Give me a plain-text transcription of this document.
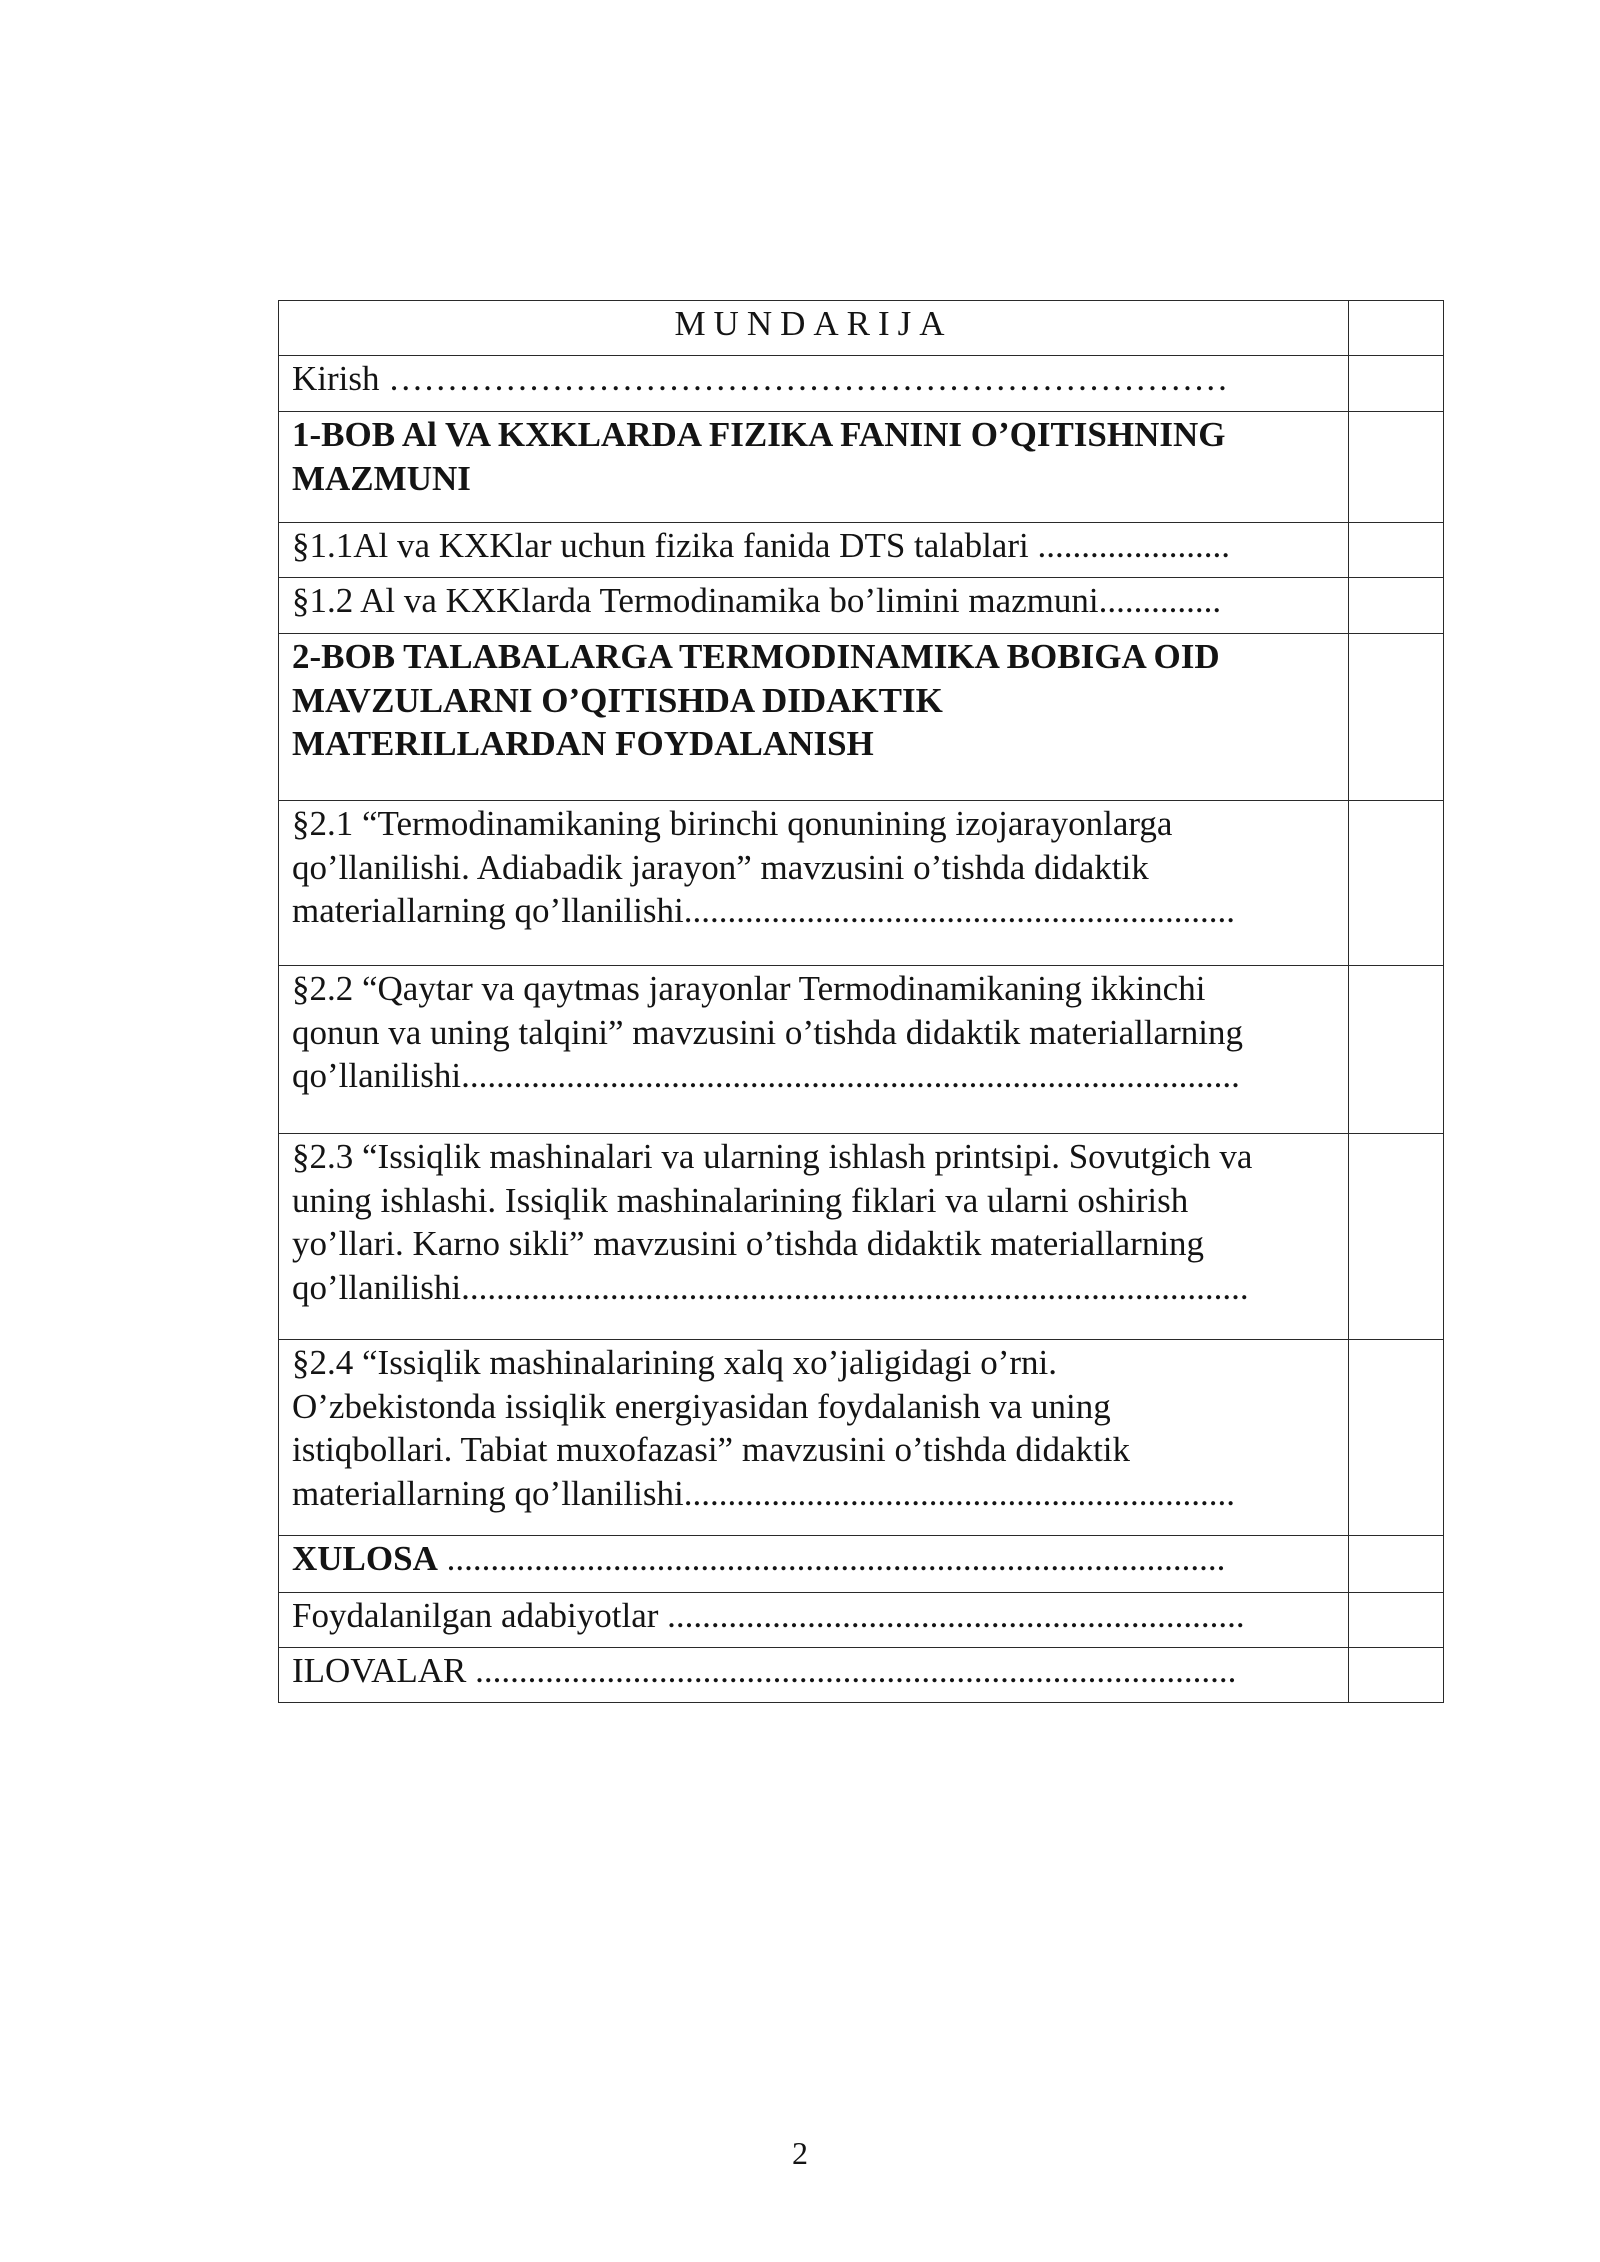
MUNDARIJA	

Kirish ………………………………………………………………	

1-BOB Al VA KXKLARDA FIZIKA FANINI O’QITISHNING
MAZMUNI	

§1.1Al va KXKlar uchun fizika fanida DTS talablari ......................	

§1.2 Al va KXKlarda Termodinamika bo’limini mazmuni..............	

2-BOB TALABALARGA TERMODINAMIKA BOBIGA OID
MAVZULARNI O’QITISHDA DIDAKTIK
MATERILLARDAN FOYDALANISH	

§2.1 “Termodinamikaning birinchi qonunining izojarayonlarga
qo’llanilishi. Adiabadik jarayon” mavzusini o’tishda didaktik
materiallarning qo’llanilishi...............................................................	

§2.2 “Qaytar va qaytmas jarayonlar Termodinamikaning ikkinchi
qonun va uning talqini” mavzusini o’tishda didaktik materiallarning
qo’llanilishi.........................................................................................	

§2.3 “Issiqlik mashinalari va ularning ishlash printsipi. Sovutgich va
uning ishlashi. Issiqlik mashinalarining fiklari va ularni oshirish
yo’llari. Karno sikli” mavzusini o’tishda didaktik materiallarning
qo’llanilishi..........................................................................................	

§2.4 “Issiqlik mashinalarining xalq xo’jaligidagi o’rni.
O’zbekistonda issiqlik energiyasidan foydalanish va uning
istiqbollari. Tabiat muxofazasi” mavzusini o’tishda didaktik
materiallarning qo’llanilishi...............................................................	

XULOSA .........................................................................................	

Foydalanilgan adabiyotlar ..................................................................	

ILOVALAR .......................................................................................	

2
